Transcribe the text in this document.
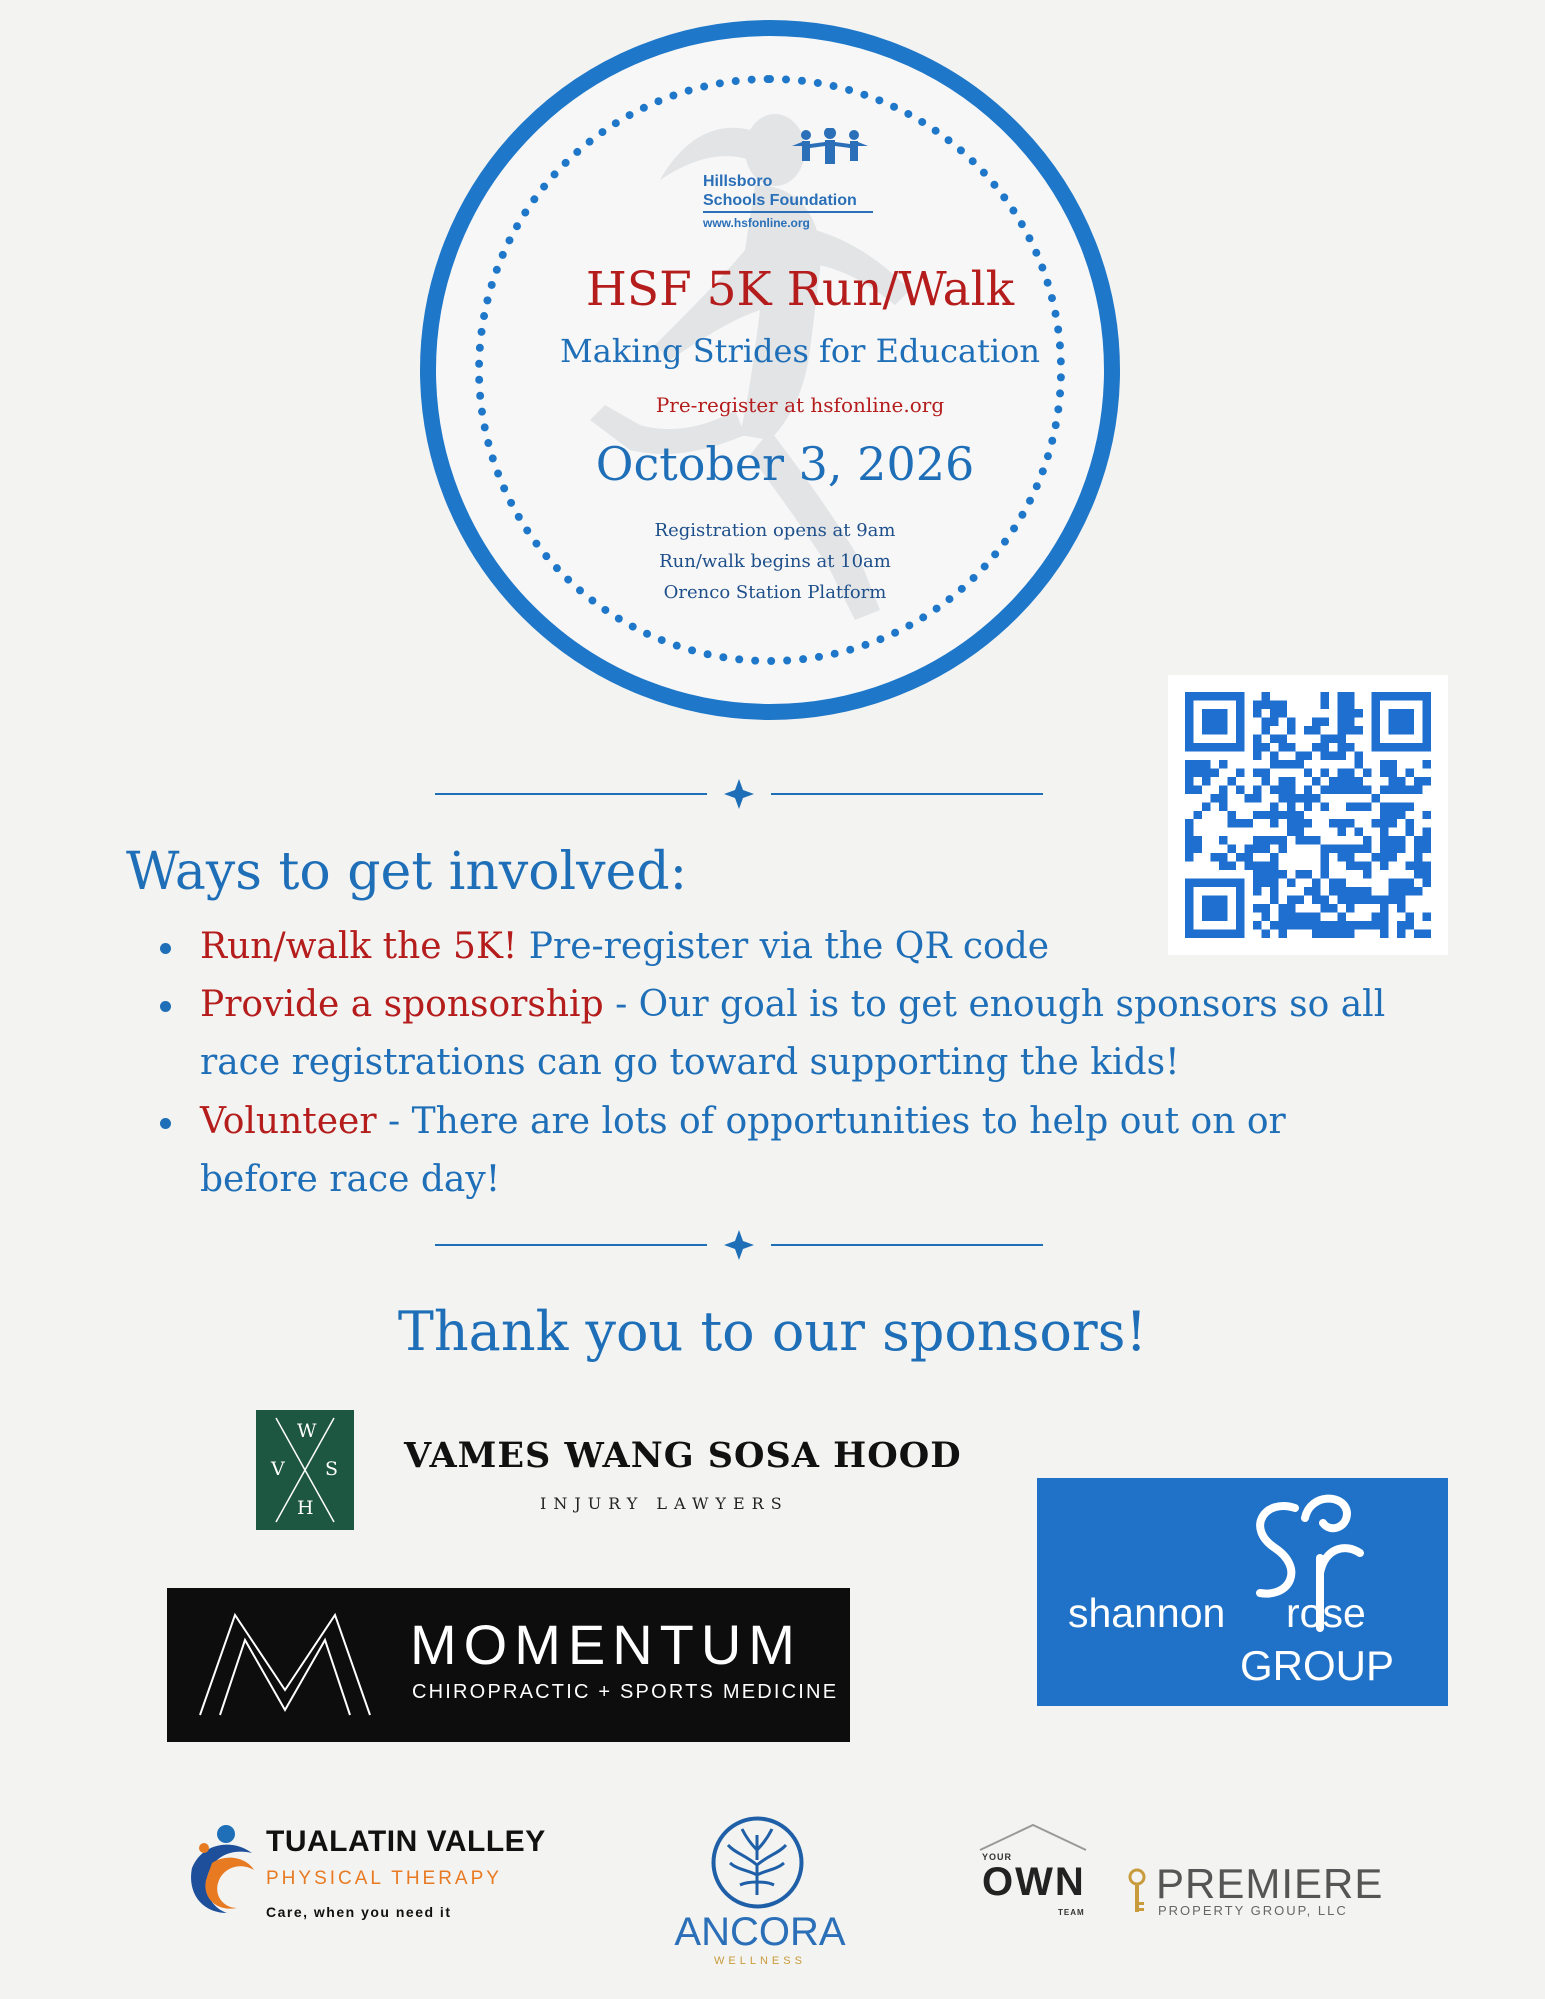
Hillsboro
Schools Foundation
www.hsfonline.org
HSF 5K Run/Walk
Making Strides for Education
Pre-register at hsfonline.org
October 3, 2026
Registration opens at 9am
Run/walk begins at 10am
Orenco Station Platform
Ways to get involved:
Run/walk the 5K! Pre-register via the QR code
Provide a sponsorship - Our goal is to get enough sponsors so all
race registrations can go toward supporting the kids!
Volunteer - There are lots of opportunities to help out on or
before race day!
Thank you to our sponsors!
W
V S
H
VAMES WANG SOSA HOOD
INJURY LAWYERS
MOMENTUM
CHIROPRACTIC + SPORTS MEDICINE
shannon rose
GROUP
TUALATIN VALLEY
PHYSICAL THERAPY
Care, when you need it	ANCORA
WELLNESS
YOUR
OWN
TEAM
PREMIERE
PROPERTY GROUP, LLC
